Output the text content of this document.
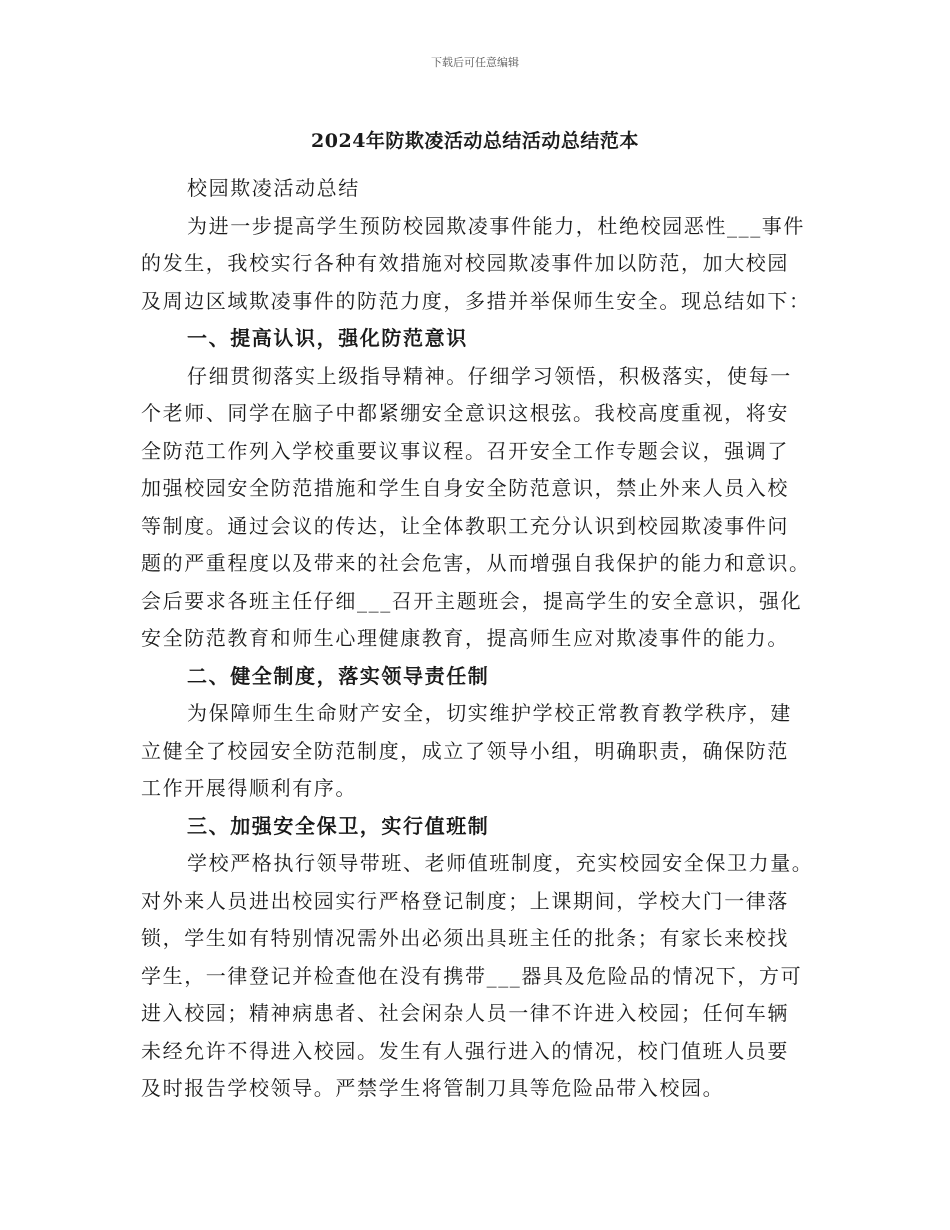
下载后可任意编辑
2024年防欺凌活动总结活动总结范本
校园欺凌活动总结
为进一步提高学生预防校园欺凌事件能力，杜绝校园恶性___事件
的发生，我校实行各种有效措施对校园欺凌事件加以防范，加大校园
及周边区域欺凌事件的防范力度，多措并举保师生安全。现总结如下：
一、提高认识，强化防范意识
仔细贯彻落实上级指导精神。仔细学习领悟，积极落实，使每一
个老师、同学在脑子中都紧绷安全意识这根弦。我校高度重视，将安
全防范工作列入学校重要议事议程。召开安全工作专题会议，强调了
加强校园安全防范措施和学生自身安全防范意识，禁止外来人员入校
等制度。通过会议的传达，让全体教职工充分认识到校园欺凌事件问
题的严重程度以及带来的社会危害，从而增强自我保护的能力和意识。
会后要求各班主任仔细___召开主题班会，提高学生的安全意识，强化
安全防范教育和师生心理健康教育，提高师生应对欺凌事件的能力。
二、健全制度，落实领导责任制
为保障师生生命财产安全，切实维护学校正常教育教学秩序，建
立健全了校园安全防范制度，成立了领导小组，明确职责，确保防范
工作开展得顺利有序。
三、加强安全保卫，实行值班制
学校严格执行领导带班、老师值班制度，充实校园安全保卫力量。
对外来人员进出校园实行严格登记制度；上课期间，学校大门一律落
锁，学生如有特别情况需外出必须出具班主任的批条；有家长来校找
学生，一律登记并检查他在没有携带___器具及危险品的情况下，方可
进入校园；精神病患者、社会闲杂人员一律不许进入校园；任何车辆
未经允许不得进入校园。发生有人强行进入的情况，校门值班人员要
及时报告学校领导。严禁学生将管制刀具等危险品带入校园。
